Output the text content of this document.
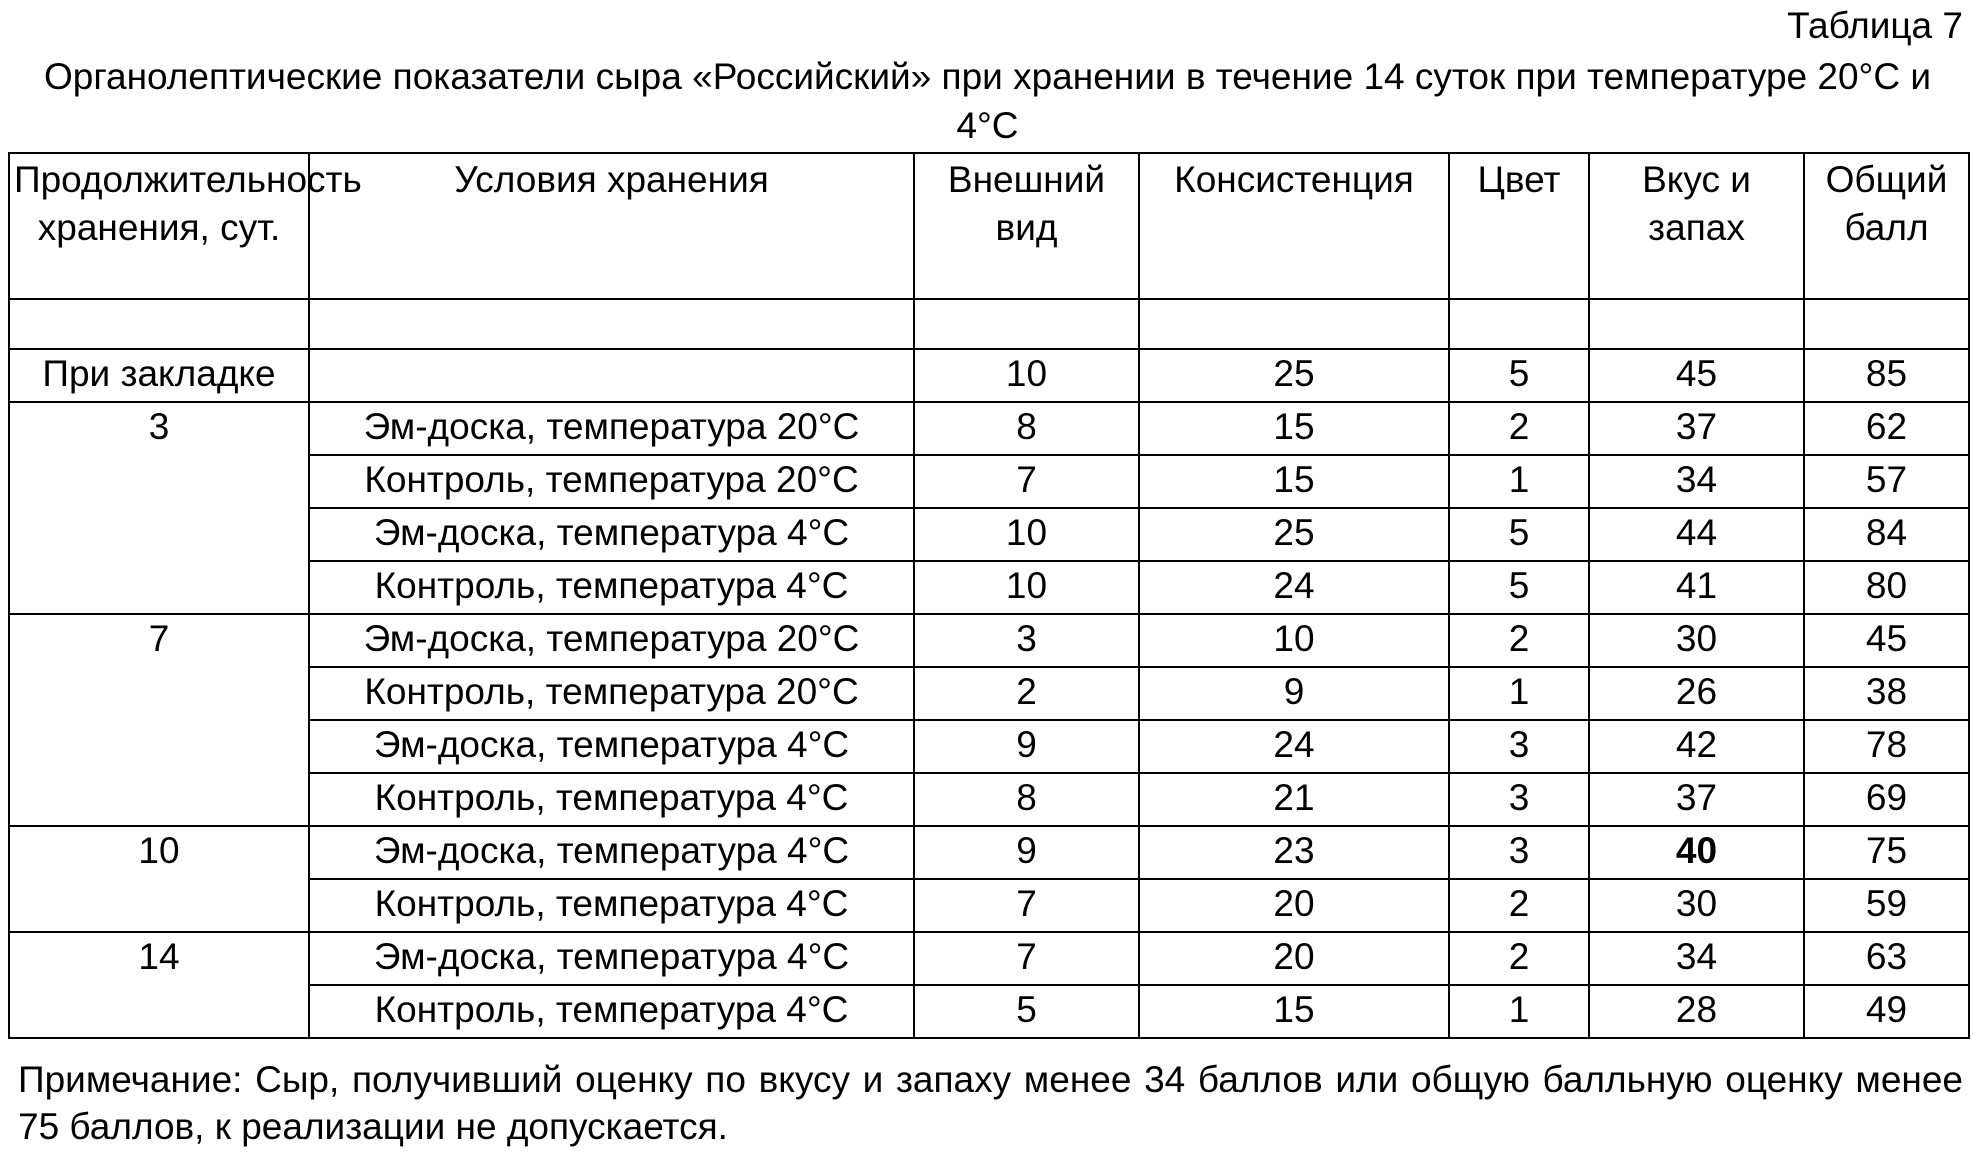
Таблица 7
Органолептические показатели сыра «Российский» при хранении в течение 14 суток при температуре 20°С и 4°С
Продолжительность хранения, сут.	Условия хранения	Внешний вид	Консистенция	Цвет	Вкус и запах	Общий балл

При закладке		10	25	5	45	85
3	Эм-доска, температура 20°С	8	15	2	37	62
	Контроль, температура 20°С	7	15	1	34	57
	Эм-доска, температура 4°С	10	25	5	44	84
	Контроль, температура 4°С	10	24	5	41	80
7	Эм-доска, температура 20°С	3	10	2	30	45
	Контроль, температура 20°С	2	9	1	26	38
	Эм-доска, температура 4°С	9	24	3	42	78
	Контроль, температура 4°С	8	21	3	37	69
10	Эм-доска, температура 4°С	9	23	3	40	75
	Контроль, температура 4°С	7	20	2	30	59
14	Эм-доска, температура 4°С	7	20	2	34	63
	Контроль, температура 4°С	5	15	1	28	49
Примечание: Сыр, получивший оценку по вкусу и запаху менее 34 баллов или общую балльную оценку менее 75 баллов, к реализации не допускается.
